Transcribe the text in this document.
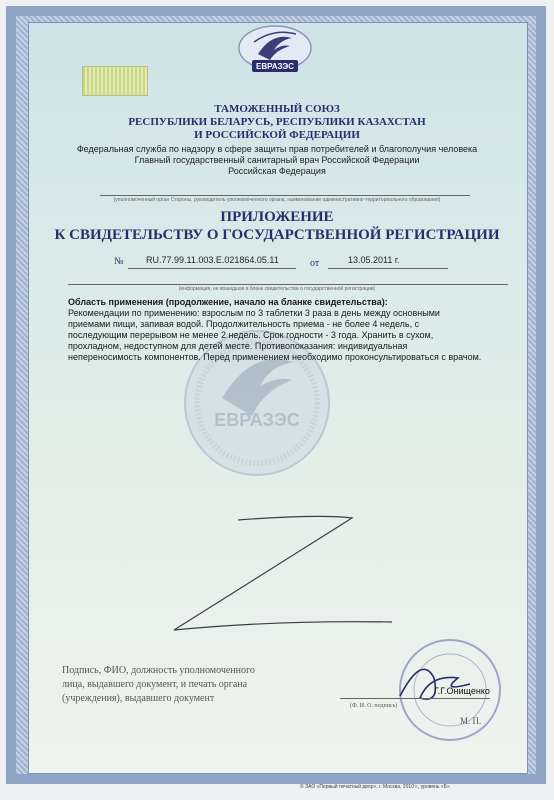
ЕВРАЗЭС
ТАМОЖЕННЫЙ СОЮЗ
РЕСПУБЛИКИ БЕЛАРУСЬ, РЕСПУБЛИКИ КАЗАХСТАН
И РОССИЙСКОЙ ФЕДЕРАЦИИ
Федеральная служба по надзору в сфере защиты прав потребителей и благополучия человека
Главный государственный санитарный врач Российской Федерации
Российская Федерация
(уполномоченный орган Стороны, руководитель уполномоченного органа, наименование административно-территориального образования)
ПРИЛОЖЕНИЕ
К СВИДЕТЕЛЬСТВУ О ГОСУДАРСТВЕННОЙ РЕГИСТРАЦИИ
№ RU.77.99.11.003.Е.021864.05.11	от	13.05.2011 г.
(информация, не вошедшая в бланк свидетельства о государственной регистрации)
ЕВРАЗЭС
Область применения (продолжение, начало на бланке свидетельства):
Рекомендации по применению: взрослым по 3 таблетки 3 раза в день между основными
приемами пищи, запивая водой. Продолжительность приема - не более 4 недель, с
последующим перерывом не менее 2 недель. Срок годности - 3 года. Хранить в сухом,
прохладном, недоступном для детей месте. Противопоказания: индивидуальная
непереносимость компонентов. Перед применением необходимо проконсультироваться с врачом.
Подпись, ФИО, должность уполномоченного
лица, выдавшего документ, и печать органа
(учреждения), выдавшего документ
Г.Г.Онищенко
(Ф. И. О. подпись)
М. П.
© ЗАО «Первый печатный двор», г. Москва, 2010 г., уровень «Б»
